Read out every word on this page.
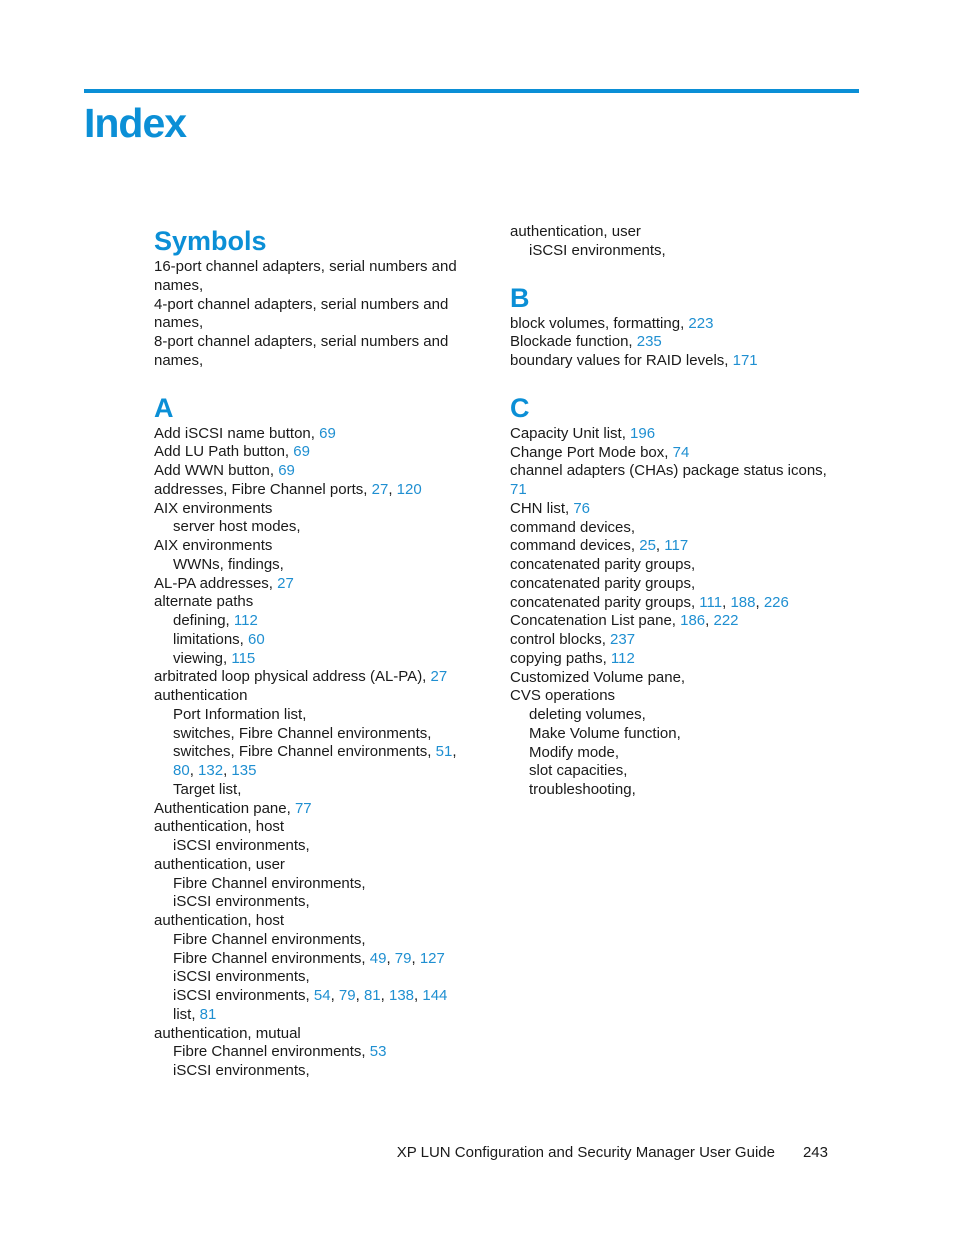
Index
Symbols

16-port channel adapters, serial numbers and names,

4-port channel adapters, serial numbers and names,

8-port channel adapters, serial numbers and names,

A

Add iSCSI name button, 69

Add LU Path button, 69

Add WWN button, 69

addresses, Fibre Channel ports, 27, 120

AIX environments

server host modes,

AIX environments

WWNs, findings,

AL-PA addresses, 27

alternate paths

defining, 112

limitations, 60

viewing, 115

arbitrated loop physical address (AL-PA), 27

authentication

Port Information list,

switches, Fibre Channel environments,

switches, Fibre Channel environments, 51,

80, 132, 135

Target list,

Authentication pane, 77

authentication, host

iSCSI environments,

authentication, user

Fibre Channel environments,

iSCSI environments,

authentication, host

Fibre Channel environments,

Fibre Channel environments, 49, 79, 127

iSCSI environments,

iSCSI environments, 54, 79, 81, 138, 144

list, 81

authentication, mutual

Fibre Channel environments, 53

iSCSI environments,

authentication, user

iSCSI environments,

B

block volumes, formatting, 223

Blockade function, 235

boundary values for RAID levels, 171

C

Capacity Unit list, 196

Change Port Mode box, 74

channel adapters (CHAs) package status icons,

71

CHN list, 76

command devices,

command devices, 25, 117

concatenated parity groups,

concatenated parity groups,

concatenated parity groups, 111, 188, 226

Concatenation List pane, 186, 222

control blocks, 237

copying paths, 112

Customized Volume pane,

CVS operations

deleting volumes,

Make Volume function,

Modify mode,

slot capacities,

troubleshooting,

XP LUN Configuration and Security Manager User Guide 243
